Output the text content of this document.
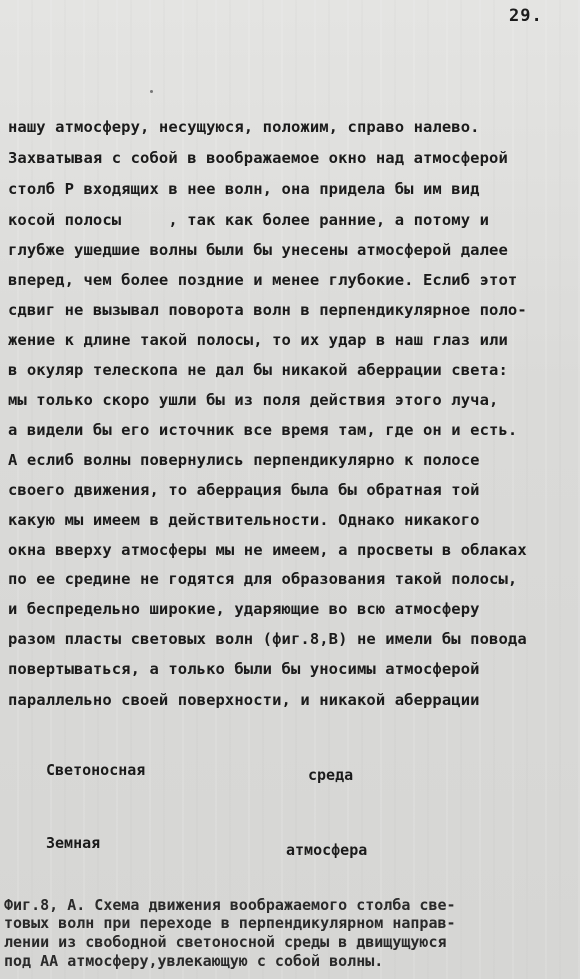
29.
нашу атмосферу, несущуюся, положим, справо налево.
Захватывая с собой в воображаемое окно над атмосферой
столб Р входящих в нее волн, она придела бы им вид
косой полосы     , так как более ранние, а потому и
глубже ушедшие волны были бы унесены атмосферой далее
вперед, чем более поздние и менее глубокие. Еслиб этот
сдвиг не вызывал поворота волн в перпендикулярное поло-
жение к длине такой полосы, то их удар в наш глаз или
в окуляр телескопа не дал бы никакой аберрации света:
мы только скоро ушли бы из поля действия этого луча,
а видели бы его источник все время там, где он и есть.
А еслиб волны повернулись перпендикулярно к полосе
своего движения, то аберрация была бы обратная той
какую мы имеем в действительности. Однако никакого
окна вверху атмосферы мы не имеем, а просветы в облаках
по ее средине не годятся для образования такой полосы,
и беспредельно широкие, ударяющие во всю атмосферу
разом пласты световых волн (фиг.8,В) не имели бы повода
повертываться, а только были бы уносимы атмосферой
параллельно своей поверхности, и никакой аберрации
Светоносная	среда
Земная	атмосфера
Фиг.8, А. Схема движения воображаемого столба све-
товых волн при переходе в перпендикулярном направ-
лении из свободной светоносной среды в двищущуюся
под АА атмосферу,увлекающую с собой волны.
